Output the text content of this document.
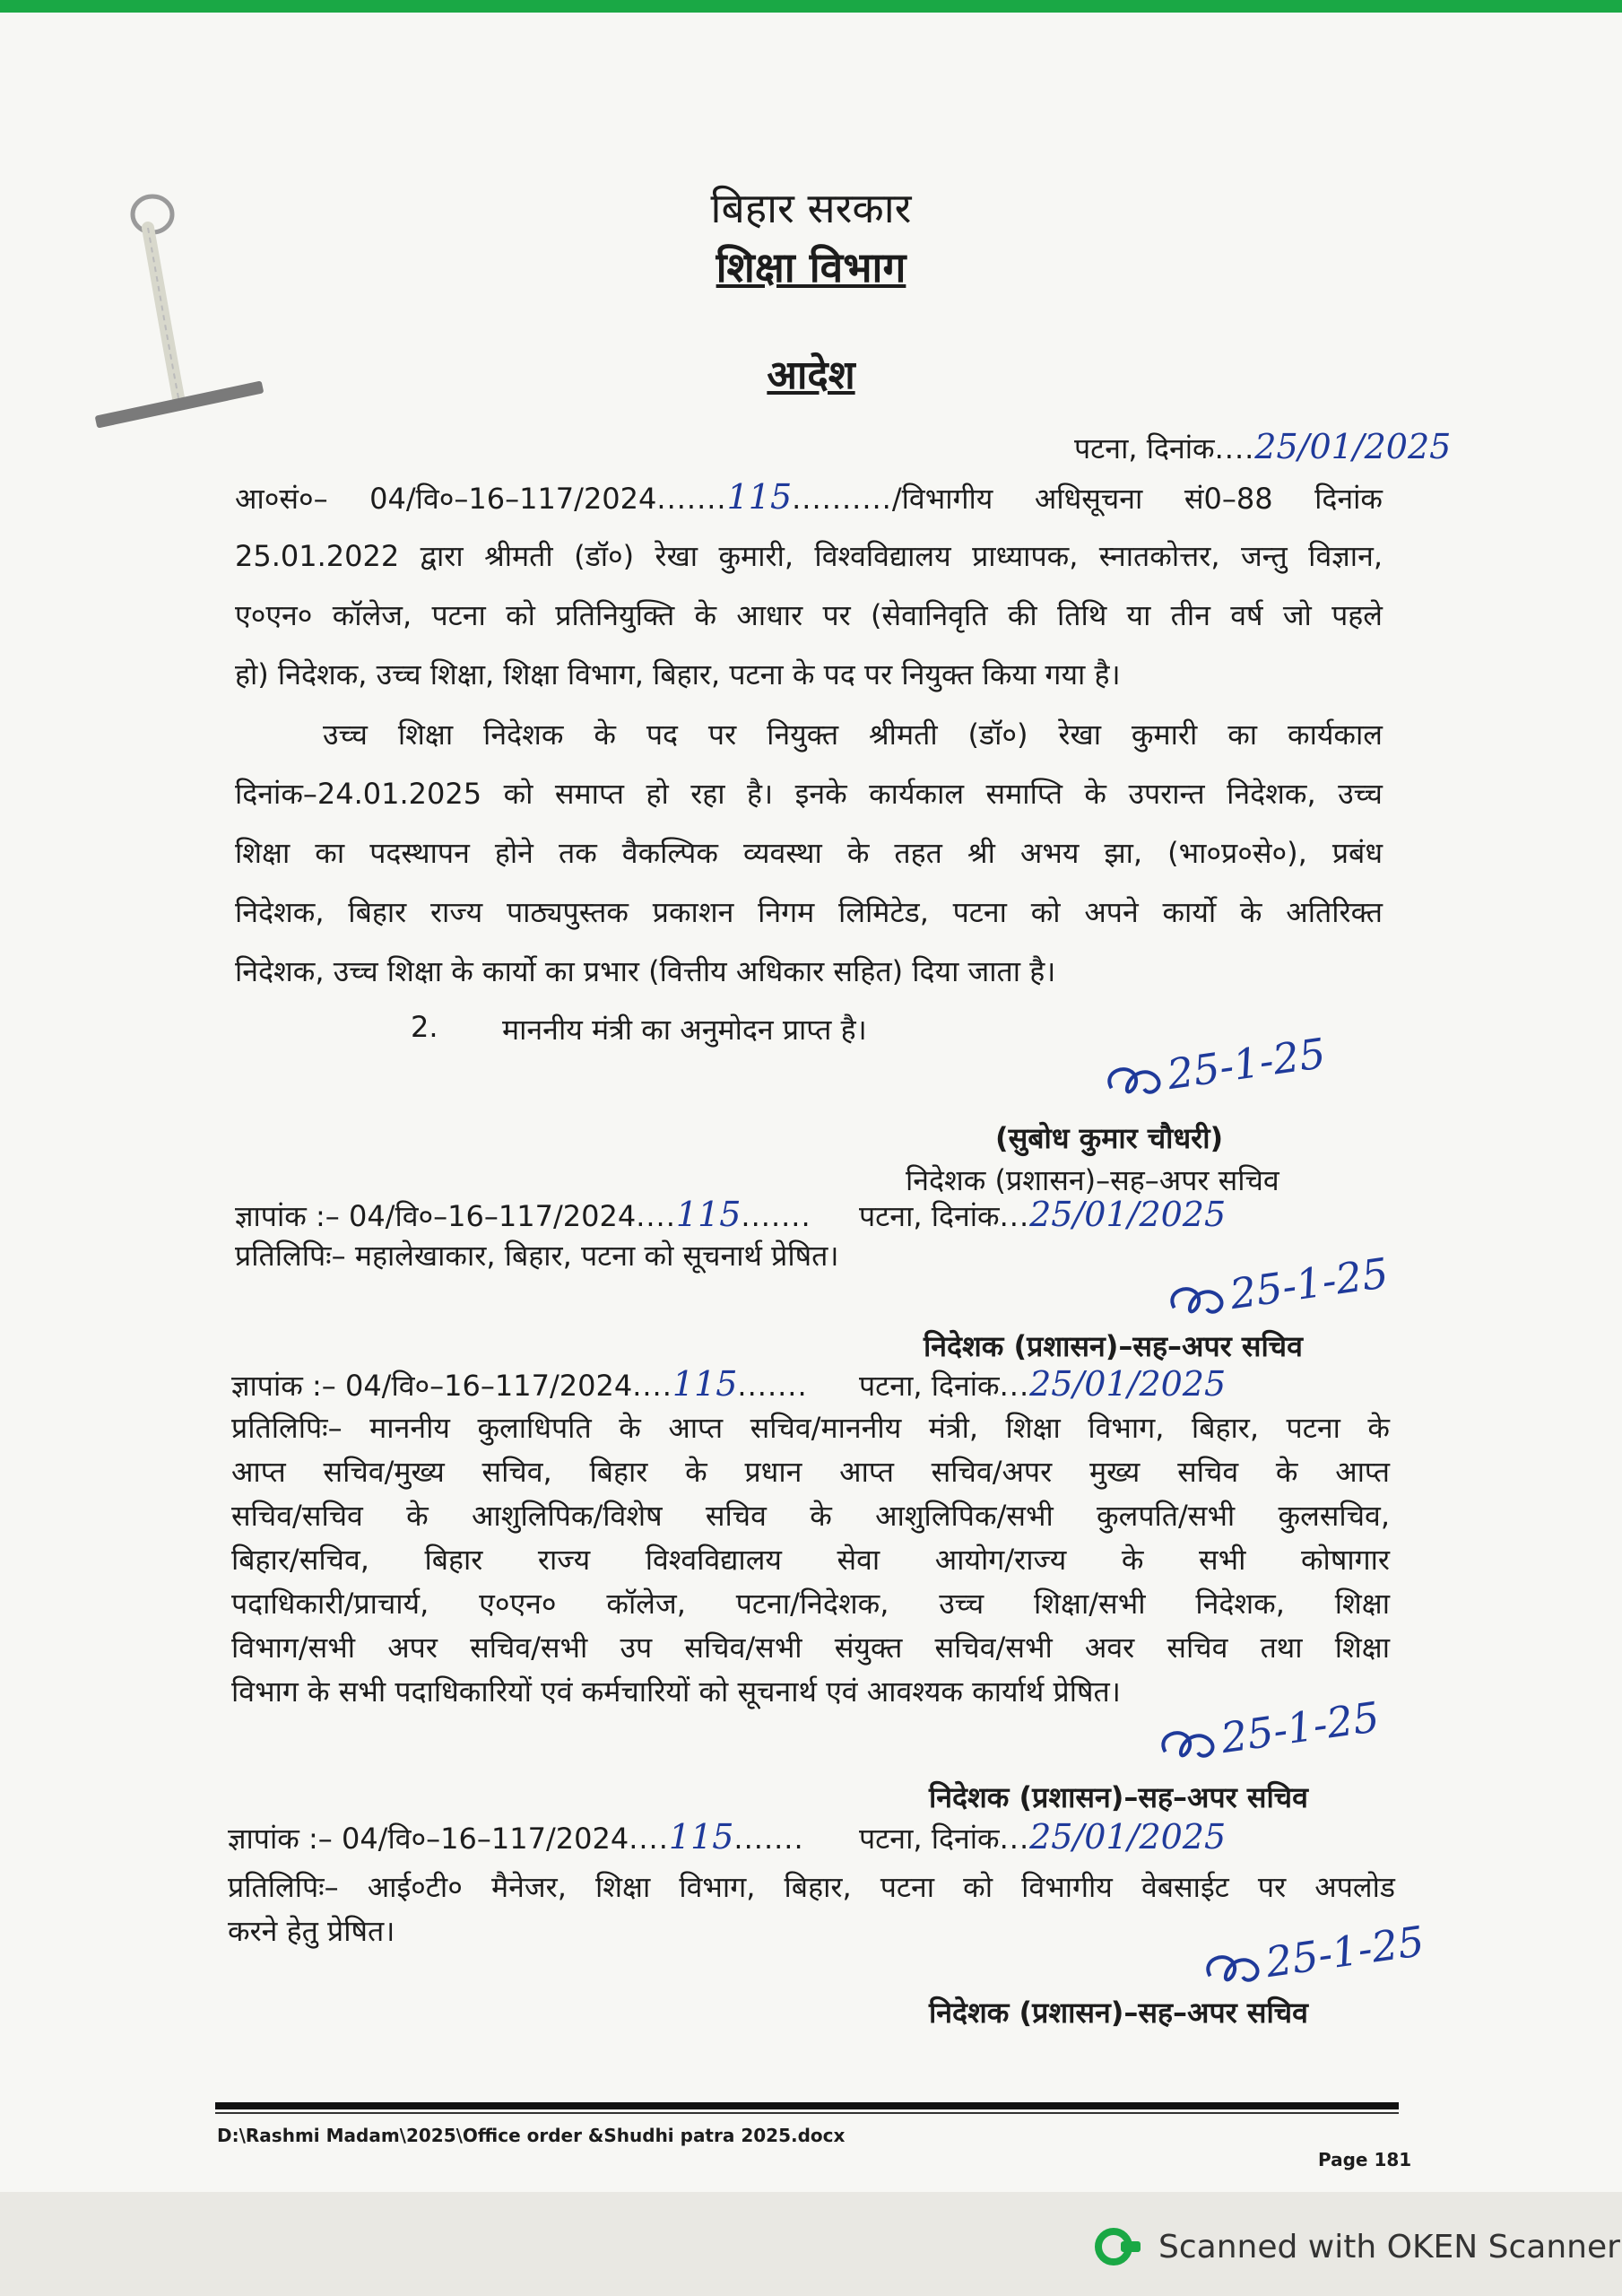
बिहार सरकार
शिक्षा विभाग
आदेश
पटना, दिनांक....25/01/2025
आ०सं०– 04/वि०–16–117/2024.......115........../विभागीय अधिसूचना सं0–88 दिनांक
25.01.2022 द्वारा श्रीमती (डॉ०) रेखा कुमारी, विश्वविद्यालय प्राध्यापक, स्नातकोत्तर, जन्तु विज्ञान,
ए०एन० कॉलेज, पटना को प्रतिनियुक्ति के आधार पर (सेवानिवृति की तिथि या तीन वर्ष जो पहले
हो) निदेशक, उच्च शिक्षा, शिक्षा विभाग, बिहार, पटना के पद पर नियुक्त किया गया है।
उच्च शिक्षा निदेशक के पद पर नियुक्त श्रीमती (डॉ०) रेखा कुमारी का कार्यकाल
दिनांक–24.01.2025 को समाप्त हो रहा है। इनके कार्यकाल समाप्ति के उपरान्त निदेशक, उच्च
शिक्षा का पदस्थापन होने तक वैकल्पिक व्यवस्था के तहत श्री अभय झा, (भा०प्र०से०), प्रबंध
निदेशक, बिहार राज्य पाठ्यपुस्तक प्रकाशन निगम लिमिटेड, पटना को अपने कार्यो के अतिरिक्त
निदेशक, उच्च शिक्षा के कार्यो का प्रभार (वित्तीय अधिकार सहित) दिया जाता है।
2. माननीय मंत्री का अनुमोदन प्राप्त है।	25-1-25
(सुबोध कुमार चौधरी)
निदेशक (प्रशासन)–सह–अपर सचिव
ज्ञापांक :– 04/वि०–16–117/2024....115....... पटना, दिनांक...25/01/2025
प्रतिलिपिः– महालेखाकार, बिहार, पटना को सूचनार्थ प्रेषित।	25-1-25
निदेशक (प्रशासन)–सह–अपर सचिव
ज्ञापांक :– 04/वि०–16–117/2024....115....... पटना, दिनांक...25/01/2025
प्रतिलिपिः– माननीय कुलाधिपति के आप्त सचिव/माननीय मंत्री, शिक्षा विभाग, बिहार, पटना के
आप्त सचिव/मुख्य सचिव, बिहार के प्रधान आप्त सचिव/अपर मुख्य सचिव के आप्त
सचिव/सचिव के आशुलिपिक/विशेष सचिव के आशुलिपिक/सभी कुलपति/सभी कुलसचिव,
बिहार/सचिव, बिहार राज्य विश्वविद्यालय सेवा आयोग/राज्य के सभी कोषागार
पदाधिकारी/प्राचार्य, ए०एन० कॉलेज, पटना/निदेशक, उच्च शिक्षा/सभी निदेशक, शिक्षा
विभाग/सभी अपर सचिव/सभी उप सचिव/सभी संयुक्त सचिव/सभी अवर सचिव तथा शिक्षा
विभाग के सभी पदाधिकारियों एवं कर्मचारियों को सूचनार्थ एवं आवश्यक कार्यार्थ प्रेषित।
25-1-25
निदेशक (प्रशासन)–सह–अपर सचिव
ज्ञापांक :– 04/वि०–16–117/2024....115....... पटना, दिनांक...25/01/2025
प्रतिलिपिः– आई०टी० मैनेजर, शिक्षा विभाग, बिहार, पटना को विभागीय वेबसाईट पर अपलोड
करने हेतु प्रेषित।	25-1-25
निदेशक (प्रशासन)–सह–अपर सचिव
D:\Rashmi Madam\2025\Office order &Shudhi patra 2025.docx
Page 181
Scanned with OKEN Scanner
